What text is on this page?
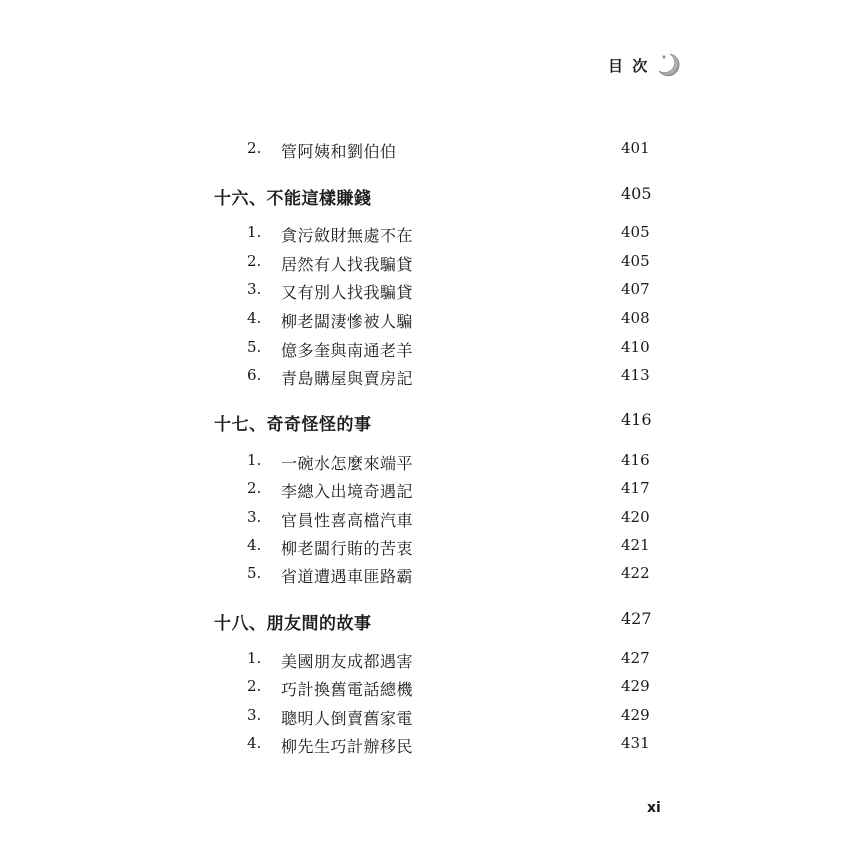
目 次
2. 管阿姨和劉伯伯	401
十六、不能這樣賺錢	405
1. 貪污斂財無處不在	405
2. 居然有人找我騙貸	405
3. 又有別人找我騙貸	407
4. 柳老闆淒慘被人騙	408
5. 億多奎與南通老羊	410
6. 青島購屋與賣房記	413
十七、奇奇怪怪的事	416
1. 一碗水怎麼來端平	416
2. 李總入出境奇遇記	417
3. 官員性喜高檔汽車	420
4. 柳老闆行賄的苦衷	421
5. 省道遭遇車匪路霸	422
十八、朋友間的故事	427
1. 美國朋友成都遇害	427
2. 巧計換舊電話總機	429
3. 聰明人倒賣舊家電	429
4. 柳先生巧計辦移民	431
xi
